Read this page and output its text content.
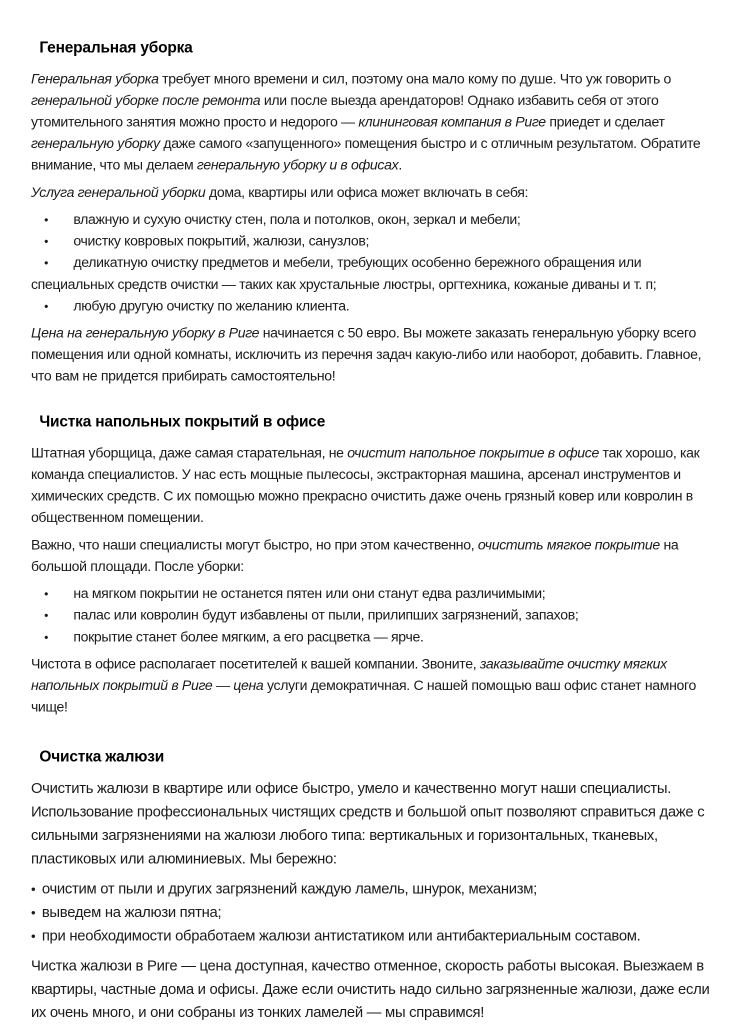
Генеральная уборка

Генеральная уборка требует много времени и сил, поэтому она мало кому по душе. Что уж говорить о генеральной уборке после ремонта или после выезда арендаторов! Однако избавить себя от этого утомительного занятия можно просто и недорого — клининговая компания в Риге приедет и сделает генеральную уборку даже самого «запущенного» помещения быстро и с отличным результатом. Обратите внимание, что мы делаем генеральную уборку и в офисах.

Услуга генеральной уборки дома, квартиры или офиса может включать в себя:

• влажную и сухую очистку стен, пола и потолков, окон, зеркал и мебели;
• очистку ковровых покрытий, жалюзи, санузлов;
• деликатную очистку предметов и мебели, требующих особенно бережного обращения или специальных средств очистки — таких как хрустальные люстры, оргтехника, кожаные диваны и т. п;
• любую другую очистку по желанию клиента.

Цена на генеральную уборку в Риге начинается с 50 евро. Вы можете заказать генеральную уборку всего помещения или одной комнаты, исключить из перечня задач какую-либо или наоборот, добавить. Главное, что вам не придется прибирать самостоятельно!

Чистка напольных покрытий в офисе

Штатная уборщица, даже самая старательная, не очистит напольное покрытие в офисе так хорошо, как команда специалистов. У нас есть мощные пылесосы, экстракторная машина, арсенал инструментов и химических средств. С их помощью можно прекрасно очистить даже очень грязный ковер или ковролин в общественном помещении.

Важно, что наши специалисты могут быстро, но при этом качественно, очистить мягкое покрытие на большой площади. После уборки:

• на мягком покрытии не останется пятен или они станут едва различимыми;
• палас или ковролин будут избавлены от пыли, прилипших загрязнений, запахов;
• покрытие станет более мягким, а его расцветка — ярче.

Чистота в офисе располагает посетителей к вашей компании. Звоните, заказывайте очистку мягких напольных покрытий в Риге — цена услуги демократичная. С нашей помощью ваш офис станет намного чище!

Очистка жалюзи

Очистить жалюзи в квартире или офисе быстро, умело и качественно могут наши специалисты. Использование профессиональных чистящих средств и большой опыт позволяют справиться даже с сильными загрязнениями на жалюзи любого типа: вертикальных и горизонтальных, тканевых, пластиковых или алюминиевых. Мы бережно:

• очистим от пыли и других загрязнений каждую ламель, шнурок, механизм;
• выведем на жалюзи пятна;
• при необходимости обработаем жалюзи антистатиком или антибактериальным составом.

Чистка жалюзи в Риге — цена доступная, качество отменное, скорость работы высокая. Выезжаем в квартиры, частные дома и офисы. Даже если очистить надо сильно загрязненные жалюзи, даже если их очень много, и они собраны из тонких ламелей — мы справимся!
